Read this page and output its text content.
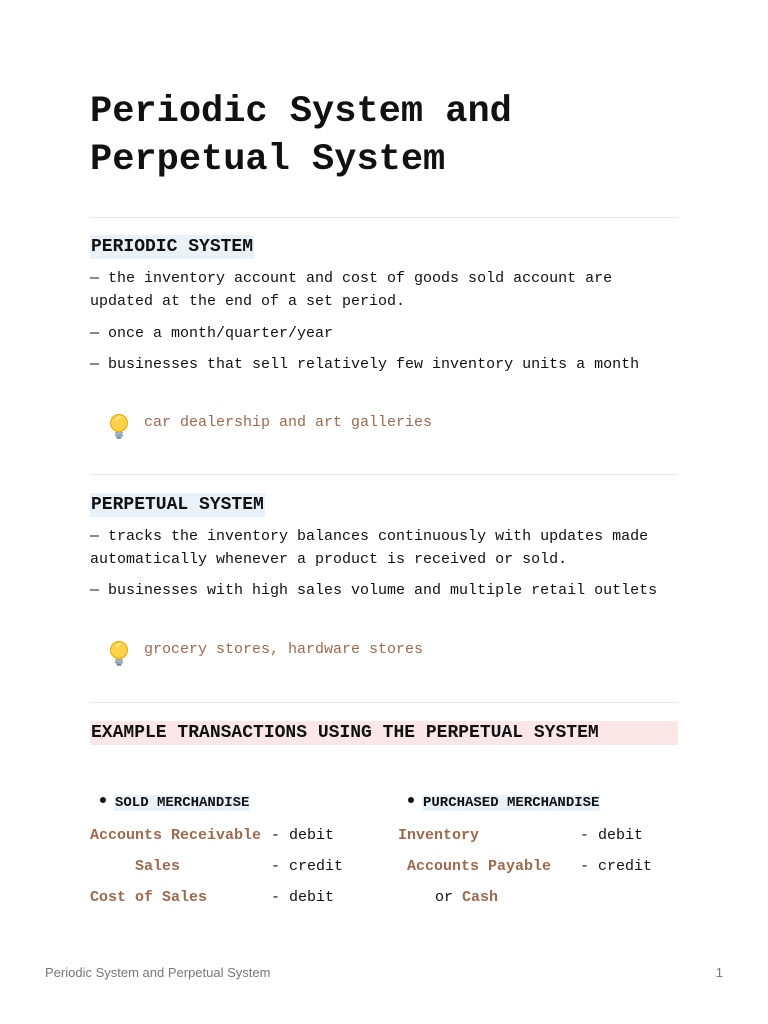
Periodic System and Perpetual System
PERIODIC SYSTEM

— the inventory account and cost of goods sold account are updated at the end of a set period.

— once a month/quarter/year

— businesses that sell relatively few inventory units a month

car dealership and art galleries
PERPETUAL SYSTEM

— tracks the inventory balances continuously with updates made automatically whenever a product is received or sold.

— businesses with high sales volume and multiple retail outlets

grocery stores, hardware stores
EXAMPLE TRANSACTIONS USING THE PERPETUAL SYSTEM
SOLD MERCHANDISE
Accounts Receivable - debit
Sales	- credit
Cost of Sales	- debit
PURCHASED MERCHANDISE
Inventory	- debit
Accounts Payable - credit
or Cash
Periodic System and Perpetual System	1
